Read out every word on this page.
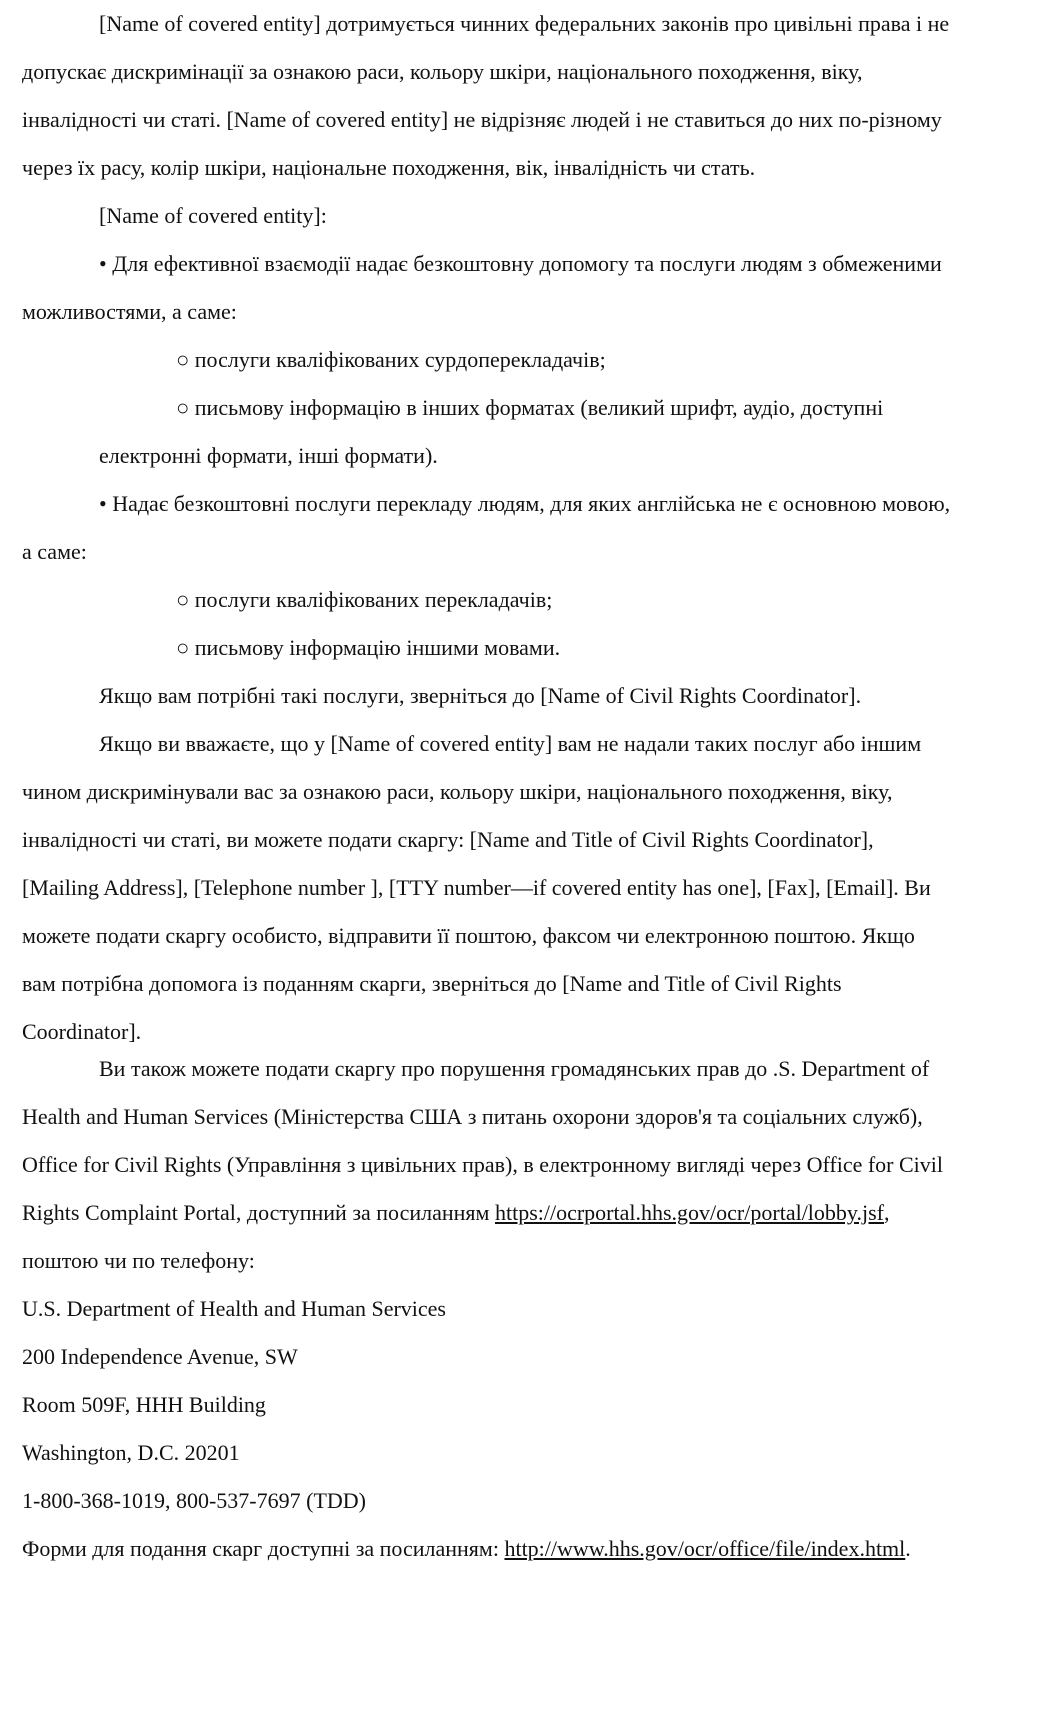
[Name of covered entity] дотримується чинних федеральних законів про цивільні права і не
допускає дискримінації за ознакою раси, кольору шкіри, національного походження, віку,
інвалідності чи статі. [Name of covered entity] не відрізняє людей і не ставиться до них по-різному
через їх расу, колір шкіри, національне походження, вік, інвалідність чи стать.
[Name of covered entity]:
• Для ефективної взаємодії надає безкоштовну допомогу та послуги людям з обмеженими
можливостями, а саме:
○ послуги кваліфікованих сурдоперекладачів;
○ письмову інформацію в інших форматах (великий шрифт, аудіо, доступні
електронні формати, інші формати).
• Надає безкоштовні послуги перекладу людям, для яких англійська не є основною мовою,
а саме:
○ послуги кваліфікованих перекладачів;
○ письмову інформацію іншими мовами.
Якщо вам потрібні такі послуги, зверніться до [Name of Civil Rights Coordinator].
Якщо ви вважаєте, що у [Name of covered entity] вам не надали таких послуг або іншим
чином дискримінували вас за ознакою раси, кольору шкіри, національного походження, віку,
інвалідності чи статі, ви можете подати скаргу: [Name and Title of Civil Rights Coordinator],
[Mailing Address], [Telephone number ], [TTY number—if covered entity has one], [Fax], [Email]. Ви
можете подати скаргу особисто, відправити її поштою, факсом чи електронною поштою. Якщо
вам потрібна допомога із поданням скарги, зверніться до [Name and Title of Civil Rights
Coordinator].
Ви також можете подати скаргу про порушення громадянських прав до .S. Department of
Health and Human Services (Міністерства США з питань охорони здоров'я та соціальних служб),
Office for Civil Rights (Управління з цивільних прав), в електронному вигляді через Office for Civil
Rights Complaint Portal, доступний за посиланням https://ocrportal.hhs.gov/ocr/portal/lobby.jsf,
поштою чи по телефону:
U.S. Department of Health and Human Services
200 Independence Avenue, SW
Room 509F, HHH Building
Washington, D.C. 20201
1-800-368-1019, 800-537-7697 (TDD)
Форми для подання скарг доступні за посиланням: http://www.hhs.gov/ocr/office/file/index.html.
